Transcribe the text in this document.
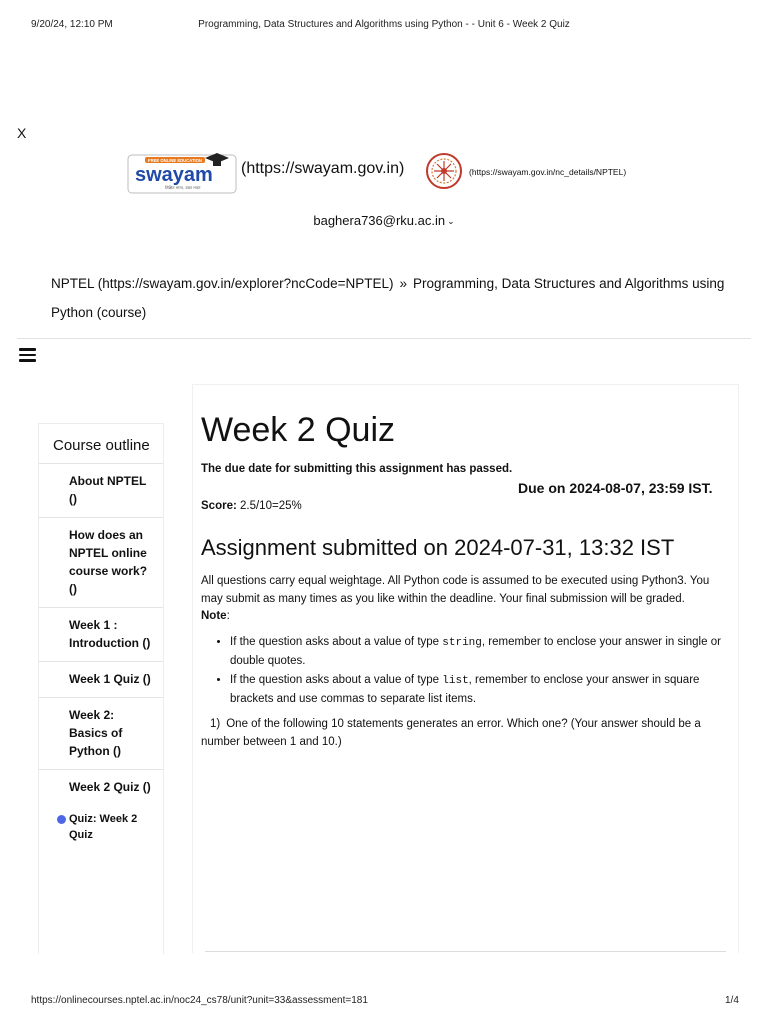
9/20/24, 12:10 PM	Programming, Data Structures and Algorithms using Python - - Unit 6 - Week 2 Quiz
X
FREE ONLINE EDUCATION
swayam
शिक्षित भारत, उन्नत भारत
(https://swayam.gov.in)	(https://swayam.gov.in/nc_details/NPTEL)
baghera736@rku.ac.in ⌄
NPTEL (https://swayam.gov.in/explorer?ncCode=NPTEL) » Programming, Data Structures and Algorithms using Python (course)
Course outline
About NPTEL ()
How does an NPTEL online course work? ()
Week 1 : Introduction ()
Week 1 Quiz ()
Week 2: Basics of Python ()
Week 2 Quiz ()
Quiz: Week 2 Quiz
Week 2 Quiz
The due date for submitting this assignment has passed.
Due on 2024-08-07, 23:59 IST.
Score: 2.5/10=25%
Assignment submitted on 2024-07-31, 13:32 IST
All questions carry equal weightage. All Python code is assumed to be executed using Python3. You may submit as many times as you like within the deadline. Your final submission will be graded.
Note:
• If the question asks about a value of type string, remember to enclose your answer in single or double quotes.
• If the question asks about a value of type list, remember to enclose your answer in square brackets and use commas to separate list items.
1) One of the following 10 statements generates an error. Which one? (Your answer should be a number between 1 and 10.)
https://onlinecourses.nptel.ac.in/noc24_cs78/unit?unit=33&assessment=181	1/4
